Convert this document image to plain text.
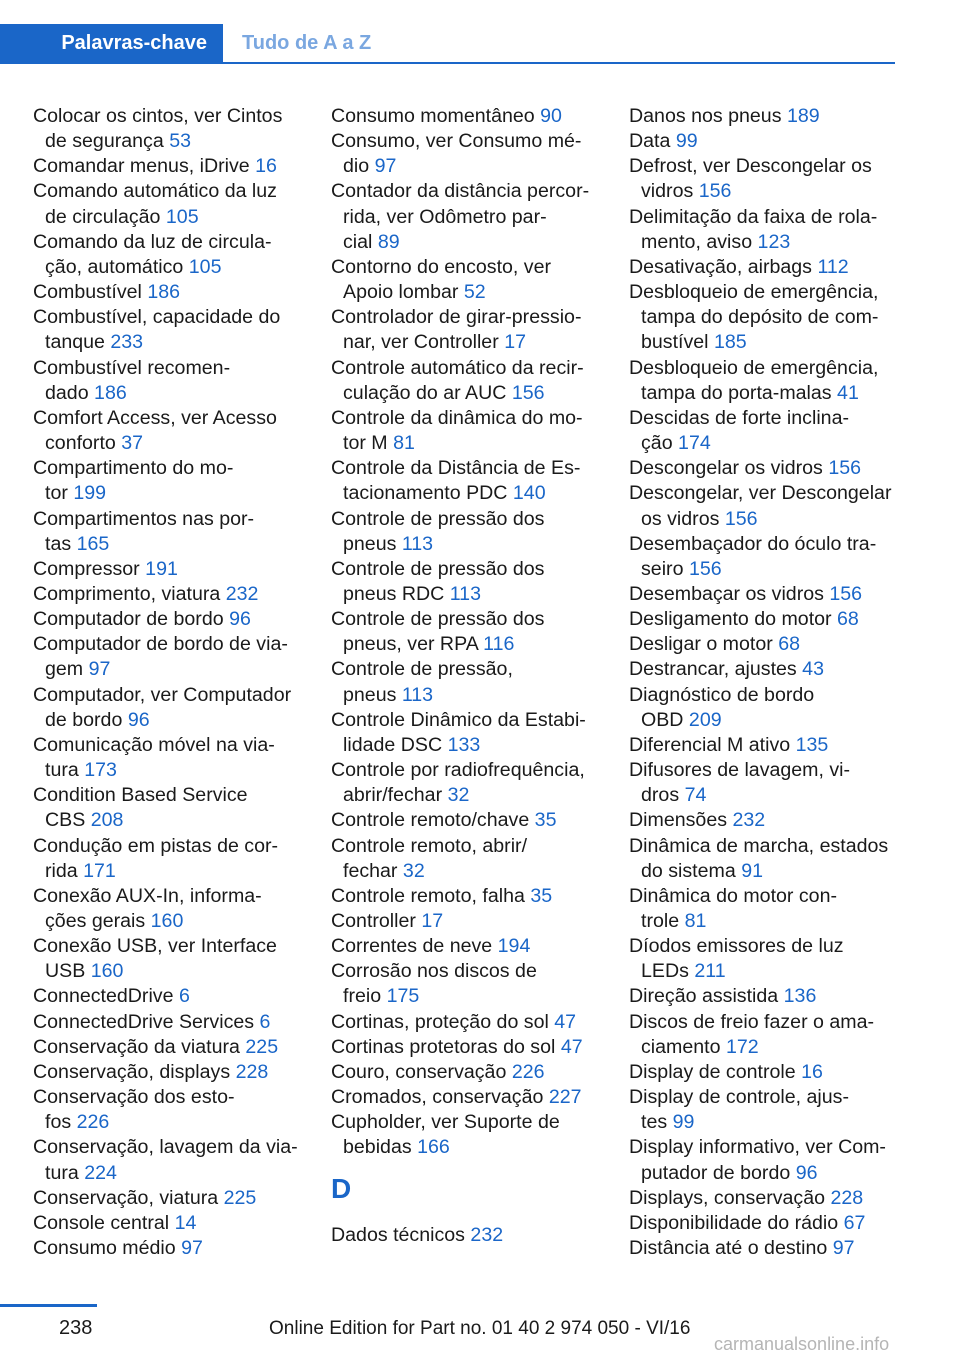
Palavras-chave	Tudo de A a Z
Colocar os cintos, ver Cintos
de segurança 53
Comandar menus, iDrive 16
Comando automático da luz
de circulação 105
Comando da luz de circula-
ção, automático 105
Combustível 186
Combustível, capacidade do
tanque 233
Combustível recomen-
dado 186
Comfort Access, ver Acesso
conforto 37
Compartimento do mo-
tor 199
Compartimentos nas por-
tas 165
Compressor 191
Comprimento, viatura 232
Computador de bordo 96
Computador de bordo de via-
gem 97
Computador, ver Computador
de bordo 96
Comunicação móvel na via-
tura 173
Condition Based Service
CBS 208
Condução em pistas de cor-
rida 171
Conexão AUX-In, informa-
ções gerais 160
Conexão USB, ver Interface
USB 160
ConnectedDrive 6
ConnectedDrive Services 6
Conservação da viatura 225
Conservação, displays 228
Conservação dos esto-
fos 226
Conservação, lavagem da via-
tura 224
Conservação, viatura 225
Console central 14
Consumo médio 97
Consumo momentâneo 90
Consumo, ver Consumo mé-
dio 97
Contador da distância percor-
rida, ver Odômetro par-
cial 89
Contorno do encosto, ver
Apoio lombar 52
Controlador de girar-pressio-
nar, ver Controller 17
Controle automático da recir-
culação do ar AUC 156
Controle da dinâmica do mo-
tor M 81
Controle da Distância de Es-
tacionamento PDC 140
Controle de pressão dos
pneus 113
Controle de pressão dos
pneus RDC 113
Controle de pressão dos
pneus, ver RPA 116
Controle de pressão,
pneus 113
Controle Dinâmico da Estabi-
lidade DSC 133
Controle por radiofrequência,
abrir/fechar 32
Controle remoto/chave 35
Controle remoto, abrir/
fechar 32
Controle remoto, falha 35
Controller 17
Correntes de neve 194
Corrosão nos discos de
freio 175
Cortinas, proteção do sol 47
Cortinas protetoras do sol 47
Couro, conservação 226
Cromados, conservação 227
Cupholder, ver Suporte de
bebidas 166
D
Dados técnicos 232
Danos nos pneus 189
Data 99
Defrost, ver Descongelar os
vidros 156
Delimitação da faixa de rola-
mento, aviso 123
Desativação, airbags 112
Desbloqueio de emergência,
tampa do depósito de com-
bustível 185
Desbloqueio de emergência,
tampa do porta-malas 41
Descidas de forte inclina-
ção 174
Descongelar os vidros 156
Descongelar, ver Descongelar
os vidros 156
Desembaçador do óculo tra-
seiro 156
Desembaçar os vidros 156
Desligamento do motor 68
Desligar o motor 68
Destrancar, ajustes 43
Diagnóstico de bordo
OBD 209
Diferencial M ativo 135
Difusores de lavagem, vi-
dros 74
Dimensões 232
Dinâmica de marcha, estados
do sistema 91
Dinâmica do motor con-
trole 81
Díodos emissores de luz
LEDs 211
Direção assistida 136
Discos de freio fazer o ama-
ciamento 172
Display de controle 16
Display de controle, ajus-
tes 99
Display informativo, ver Com-
putador de bordo 96
Displays, conservação 228
Disponibilidade do rádio 67
Distância até o destino 97
238	Online Edition for Part no. 01 40 2 974 050 - VI/16
carmanualsonline.info
